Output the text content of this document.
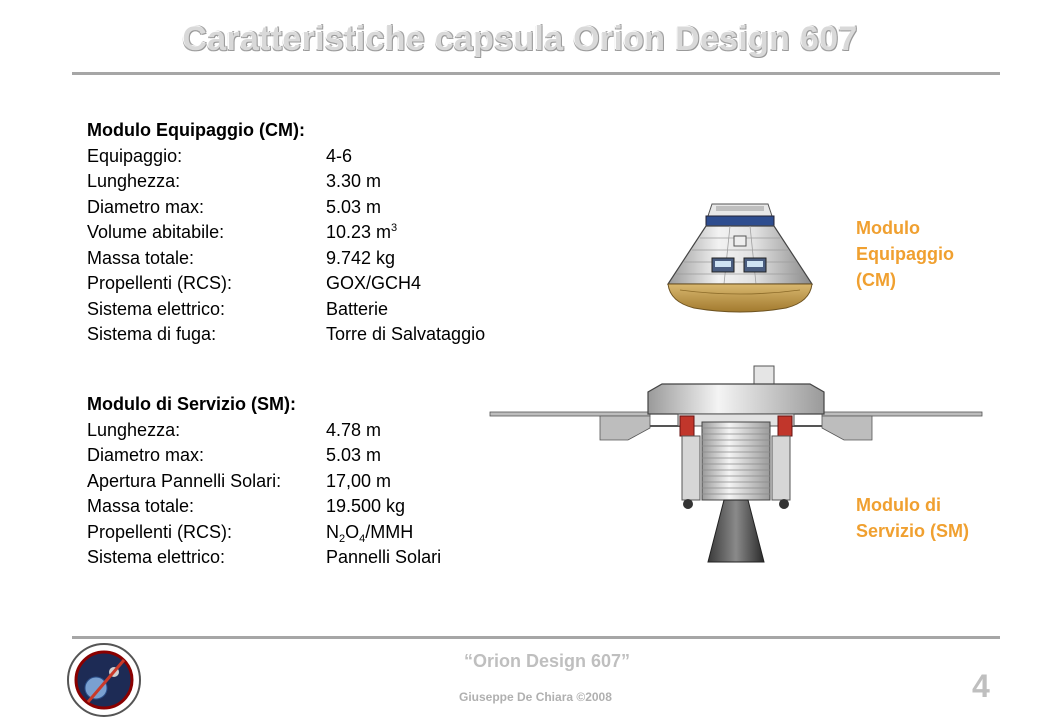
Caratteristiche capsula Orion Design 607
Modulo Equipaggio (CM):
Equipaggio:	4-6
Lunghezza:	3.30 m
Diametro max:	5.03 m
Volume abitabile:	10.23 $m^3$
Massa totale:	9.742 kg
Propellenti (RCS):	GOX/GCH4
Sistema elettrico:	Batterie
Sistema di fuga:	Torre di Salvataggio
Modulo di Servizio (SM):
Lunghezza:	4.78 m
Diametro max:	5.03 m
Apertura Pannelli Solari: 17,00 m
Massa totale:	19.500 kg
Propellenti (RCS):	$N_2O_4$/MMH
Sistema elettrico:	Pannelli Solari
Modulo
Equipaggio
(CM)
Modulo di
Servizio (SM)
“Orion Design 607”
Giuseppe De Chiara ©2008	4
